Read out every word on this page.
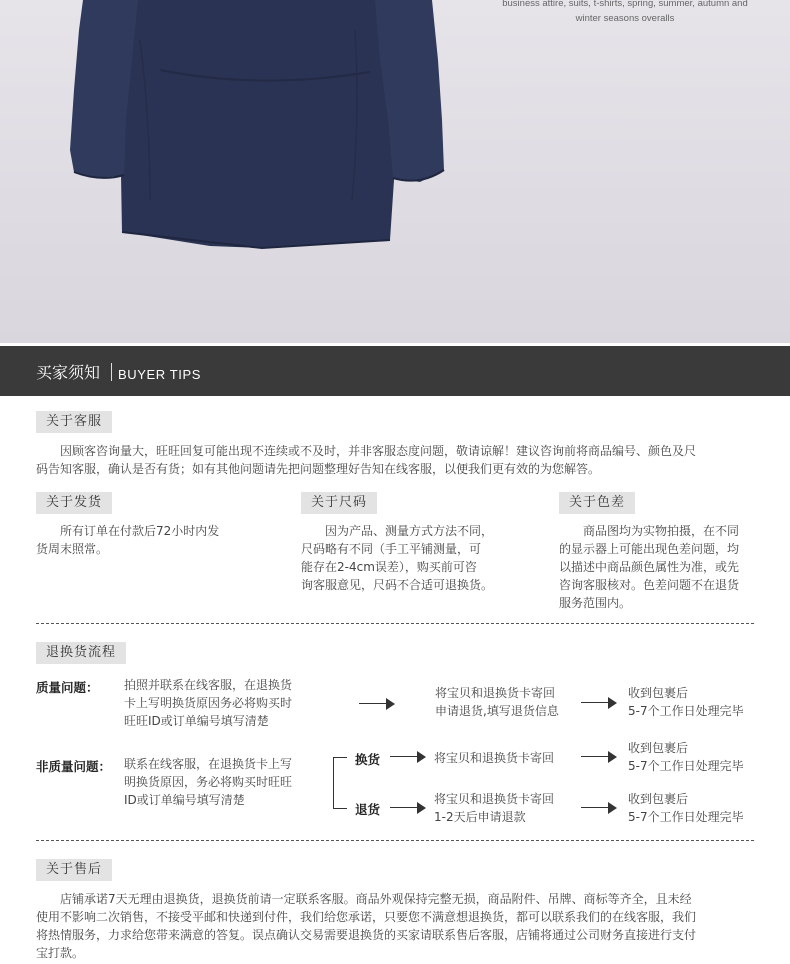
business attire, suits, t-shirts, spring, summer, autumn and
winter seasons overalls
买家须知 BUYER TIPS
关于客服
因顾客咨询量大，旺旺回复可能出现不连续或不及时，并非客服态度问题，敬请谅解！建议咨询前将商品编号、颜色及尺
码告知客服，确认是否有货；如有其他问题请先把问题整理好告知在线客服，以便我们更有效的为您解答。
关于发货
所有订单在付款后72小时内发
货周末照常。
关于尺码
因为产品、测量方式方法不同，
尺码略有不同（手工平铺测量，可
能存在2-4cm误差），购买前可咨
询客服意见，尺码不合适可退换货。
关于色差
商品图均为实物拍摄，在不同
的显示器上可能出现色差问题，均
以描述中商品颜色属性为准，或先
咨询客服核对。色差问题不在退货
服务范围内。
退换货流程
质量问题： 拍照并联系在线客服，在退换货
卡上写明换货原因务必将购买时
旺旺ID或订单编号填写清楚
将宝贝和退换货卡寄回
申请退货,填写退货信息
收到包裹后
5-7个工作日处理完毕
非质量问题： 联系在线客服，在退换货卡上写
明换货原因，务必将购买时旺旺
ID或订单编号填写清楚
换货	将宝贝和退换货卡寄回
收到包裹后
5-7个工作日处理完毕
退货
将宝贝和退换货卡寄回
1-2天后申请退款
收到包裹后
5-7个工作日处理完毕
关于售后
店铺承诺7天无理由退换货，退换货前请一定联系客服。商品外观保持完整无损，商品附件、吊牌、商标等齐全，且未经
使用不影响二次销售，不接受平邮和快递到付件，我们给您承诺，只要您不满意想退换货，都可以联系我们的在线客服，我们
将热情服务，力求给您带来满意的答复。误点确认交易需要退换货的买家请联系售后客服，店铺将通过公司财务直接进行支付
宝打款。
